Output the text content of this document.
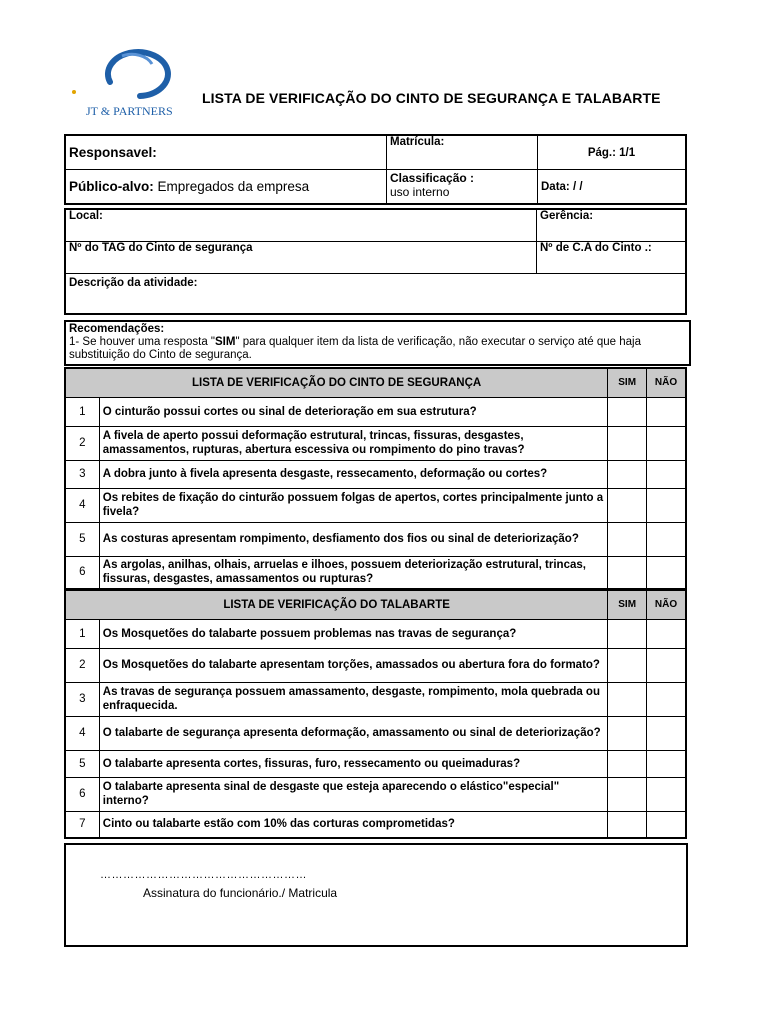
JT & PARTNERS
LISTA DE VERIFICAÇÃO DO CINTO DE SEGURANÇA E TALABARTE
Responsavel:	Matrícula:	Pág.: 1/1
Público-alvo: Empregados da empresa	Classificação :
uso interno	Data: / /
Local:	Gerência:
Nº do TAG do Cinto de segurança	Nº de C.A do Cinto .:
Descrição da atividade:	
Recomendações:
1- Se houver uma resposta "SIM" para qualquer item da lista de verificação, não executar o serviço até que haja substituição do Cinto de segurança.
LISTA DE VERIFICAÇÃO DO CINTO DE SEGURANÇA		SIM	NÃO
1	O cinturão possui cortes ou sinal de deterioração em sua estrutura?		
2	A fivela de aperto possui deformação estrutural, trincas, fissuras, desgastes, amassamentos, rupturas, abertura escessiva ou rompimento do pino travas?		
3	A dobra junto à fivela apresenta desgaste, ressecamento, deformação ou cortes?		
4	Os rebites de fixação do cinturão possuem folgas de apertos, cortes principalmente junto a fivela?		
5	As costuras apresentam rompimento, desfiamento dos fios ou sinal de deteriorização?		
6	As argolas, anilhas, olhais, arruelas e ilhoes, possuem deteriorização estrutural, trincas, fissuras, desgastes, amassamentos ou rupturas?		
LISTA DE VERIFICAÇÃO DO TALABARTE		SIM	NÃO
1	Os Mosquetões do talabarte possuem problemas nas travas de segurança?		
2	Os Mosquetões do talabarte apresentam torções, amassados ou abertura fora do formato?		
3	As travas de segurança possuem amassamento, desgaste, rompimento, mola quebrada ou enfraquecida.		
4	O talabarte de segurança apresenta deformação, amassamento ou sinal de deteriorização?		
5	O talabarte apresenta cortes, fissuras, furo, ressecamento ou queimaduras?		
6	O talabarte apresenta sinal de desgaste que esteja aparecendo o elástico"especial" interno?		
7	Cinto ou talabarte estão com 10% das corturas comprometidas?		
………………………………………………
Assinatura do funcionário./ Matricula
